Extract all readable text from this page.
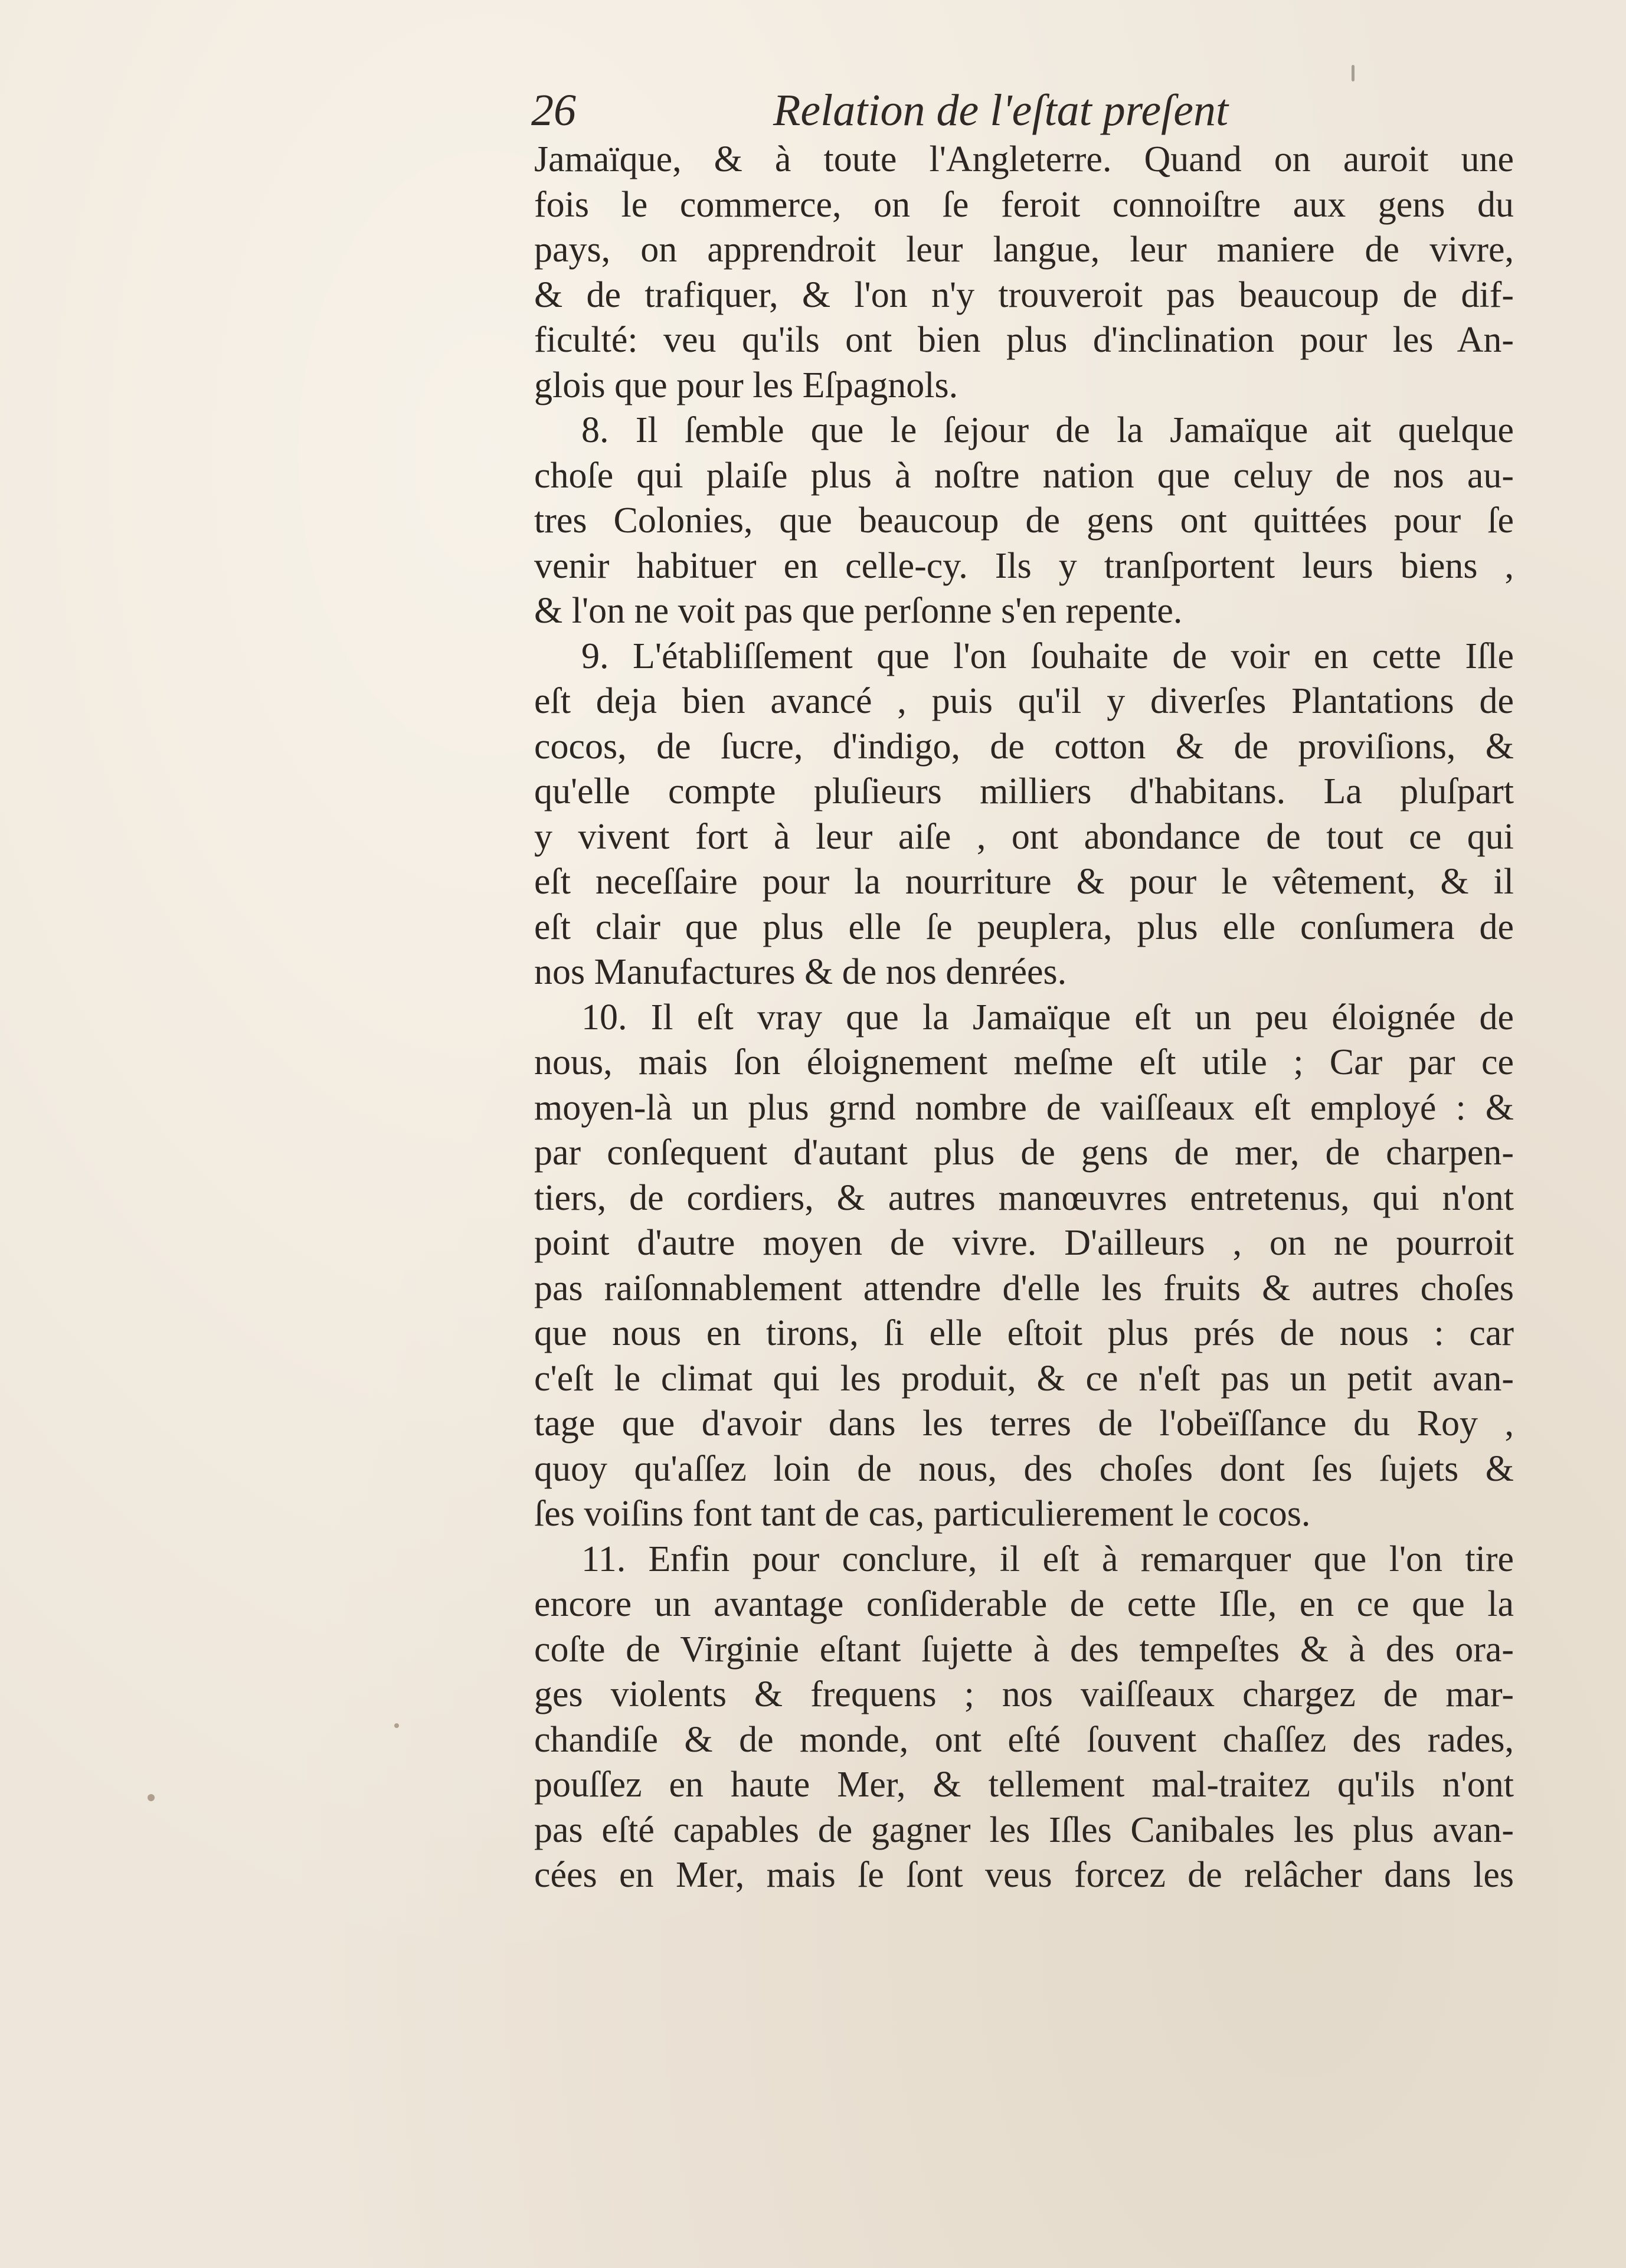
26	Relation de l'eſtat preſent
Jamaïque, & à toute l'Angleterre. Quand on auroit une
fois le commerce, on ſe feroit connoiſtre aux gens du
pays, on apprendroit leur langue, leur maniere de vivre,
& de trafiquer, & l'on n'y trouveroit pas beaucoup de dif-
ficulté: veu qu'ils ont bien plus d'inclination pour les An-
glois que pour les Eſpagnols.
8. Il ſemble que le ſejour de la Jamaïque ait quelque
choſe qui plaiſe plus à noſtre nation que celuy de nos au-
tres Colonies, que beaucoup de gens ont quittées pour ſe
venir habituer en celle-cy. Ils y tranſportent leurs biens ,
& l'on ne voit pas que perſonne s'en repente.
9. L'établiſſement que l'on ſouhaite de voir en cette Iſle
eſt deja bien avancé , puis qu'il y diverſes Plantations de
cocos, de ſucre, d'indigo, de cotton & de proviſions, &
qu'elle compte pluſieurs milliers d'habitans. La pluſpart
y vivent fort à leur aiſe , ont abondance de tout ce qui
eſt neceſſaire pour la nourriture & pour le vêtement, & il
eſt clair que plus elle ſe peuplera, plus elle conſumera de
nos Manufactures & de nos denrées.
10. Il eſt vray que la Jamaïque eſt un peu éloignée de
nous, mais ſon éloignement meſme eſt utile ; Car par ce
moyen-là un plus grnd nombre de vaiſſeaux eſt employé : &
par conſequent d'autant plus de gens de mer, de charpen-
tiers, de cordiers, & autres manœuvres entretenus, qui n'ont
point d'autre moyen de vivre. D'ailleurs , on ne pourroit
pas raiſonnablement attendre d'elle les fruits & autres choſes
que nous en tirons, ſi elle eſtoit plus prés de nous : car
c'eſt le climat qui les produit, & ce n'eſt pas un petit avan-
tage que d'avoir dans les terres de l'obeïſſance du Roy ,
quoy qu'aſſez loin de nous, des choſes dont ſes ſujets &
ſes voiſins font tant de cas, particulierement le cocos.
11. Enfin pour conclure, il eſt à remarquer que l'on tire
encore un avantage conſiderable de cette Iſle, en ce que la
coſte de Virginie eſtant ſujette à des tempeſtes & à des ora-
ges violents & frequens ; nos vaiſſeaux chargez de mar-
chandiſe & de monde, ont eſté ſouvent chaſſez des rades,
pouſſez en haute Mer, & tellement mal-traitez qu'ils n'ont
pas eſté capables de gagner les Iſles Canibales les plus avan-
cées en Mer, mais ſe ſont veus forcez de relâcher dans les
